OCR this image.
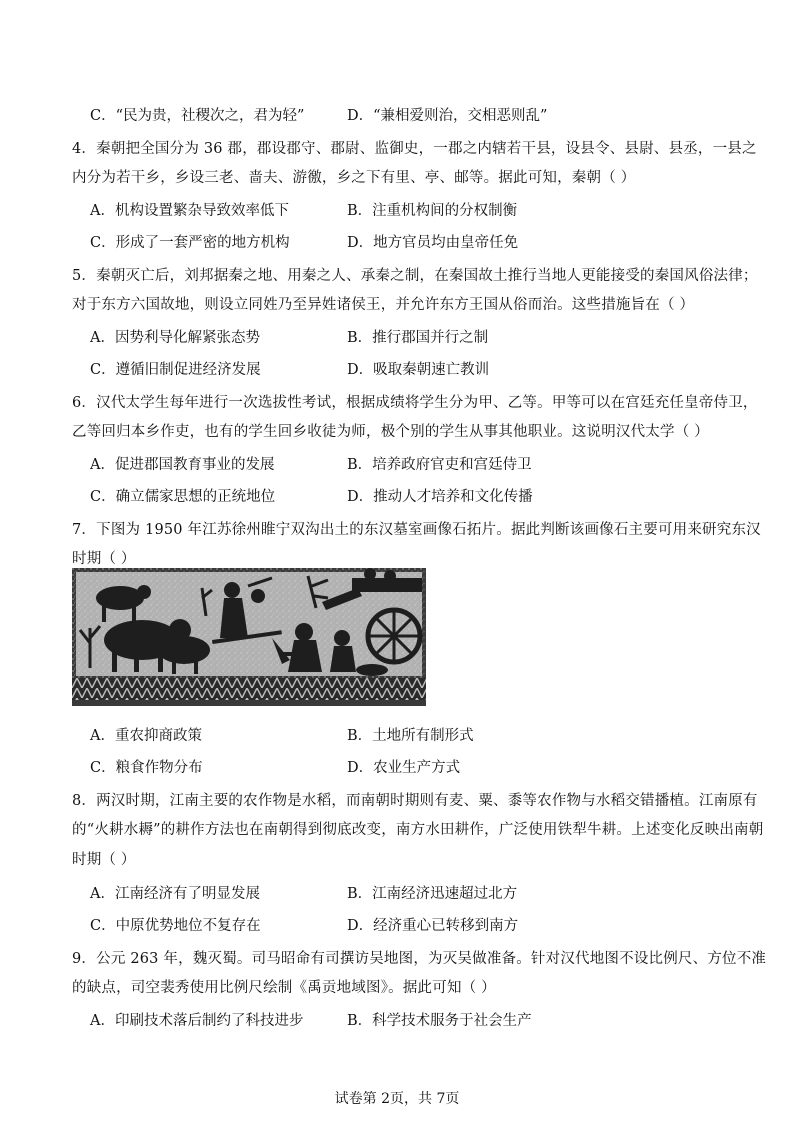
C．“民为贵，社稷次之，君为轻”	D．“兼相爱则治，交相恶则乱”
4．秦朝把全国分为 36 郡，郡设郡守、郡尉、监御史，一郡之内辖若干县，设县令、县尉、县丞，一县之
内分为若干乡，乡设三老、啬夫、游徼，乡之下有里、亭、邮等。据此可知，秦朝（ ）
A．机构设置繁杂导致效率低下	B．注重机构间的分权制衡
C．形成了一套严密的地方机构	D．地方官员均由皇帝任免
5．秦朝灭亡后，刘邦据秦之地、用秦之人、承秦之制，在秦国故土推行当地人更能接受的秦国风俗法律；
对于东方六国故地，则设立同姓乃至异姓诸侯王，并允许东方王国从俗而治。这些措施旨在（ ）
A．因势利导化解紧张态势	B．推行郡国并行之制
C．遵循旧制促进经济发展	D．吸取秦朝速亡教训
6．汉代太学生每年进行一次选拔性考试，根据成绩将学生分为甲、乙等。甲等可以在宫廷充任皇帝侍卫，
乙等回归本乡作吏，也有的学生回乡收徒为师，极个别的学生从事其他职业。这说明汉代太学（ ）
A．促进郡国教育事业的发展	B．培养政府官吏和宫廷侍卫
C．确立儒家思想的正统地位	D．推动人才培养和文化传播
7．下图为 1950 年江苏徐州睢宁双沟出土的东汉墓室画像石拓片。据此判断该画像石主要可用来研究东汉
时期（ ）
A．重农抑商政策	B．土地所有制形式
C．粮食作物分布	D．农业生产方式
8．两汉时期，江南主要的农作物是水稻，而南朝时期则有麦、粟、黍等农作物与水稻交错播植。江南原有
的“火耕水耨”的耕作方法也在南朝得到彻底改变，南方水田耕作，广泛使用铁犁牛耕。上述变化反映出南朝
时期（ ）
A．江南经济有了明显发展	B．江南经济迅速超过北方
C．中原优势地位不复存在	D．经济重心已转移到南方
9．公元 263 年，魏灭蜀。司马昭命有司撰访吴地图，为灭吴做准备。针对汉代地图不设比例尺、方位不准
的缺点，司空裴秀使用比例尺绘制《禹贡地域图》。据此可知（ ）
A．印刷技术落后制约了科技进步	B．科学技术服务于社会生产
试卷第 2页，共 7页
